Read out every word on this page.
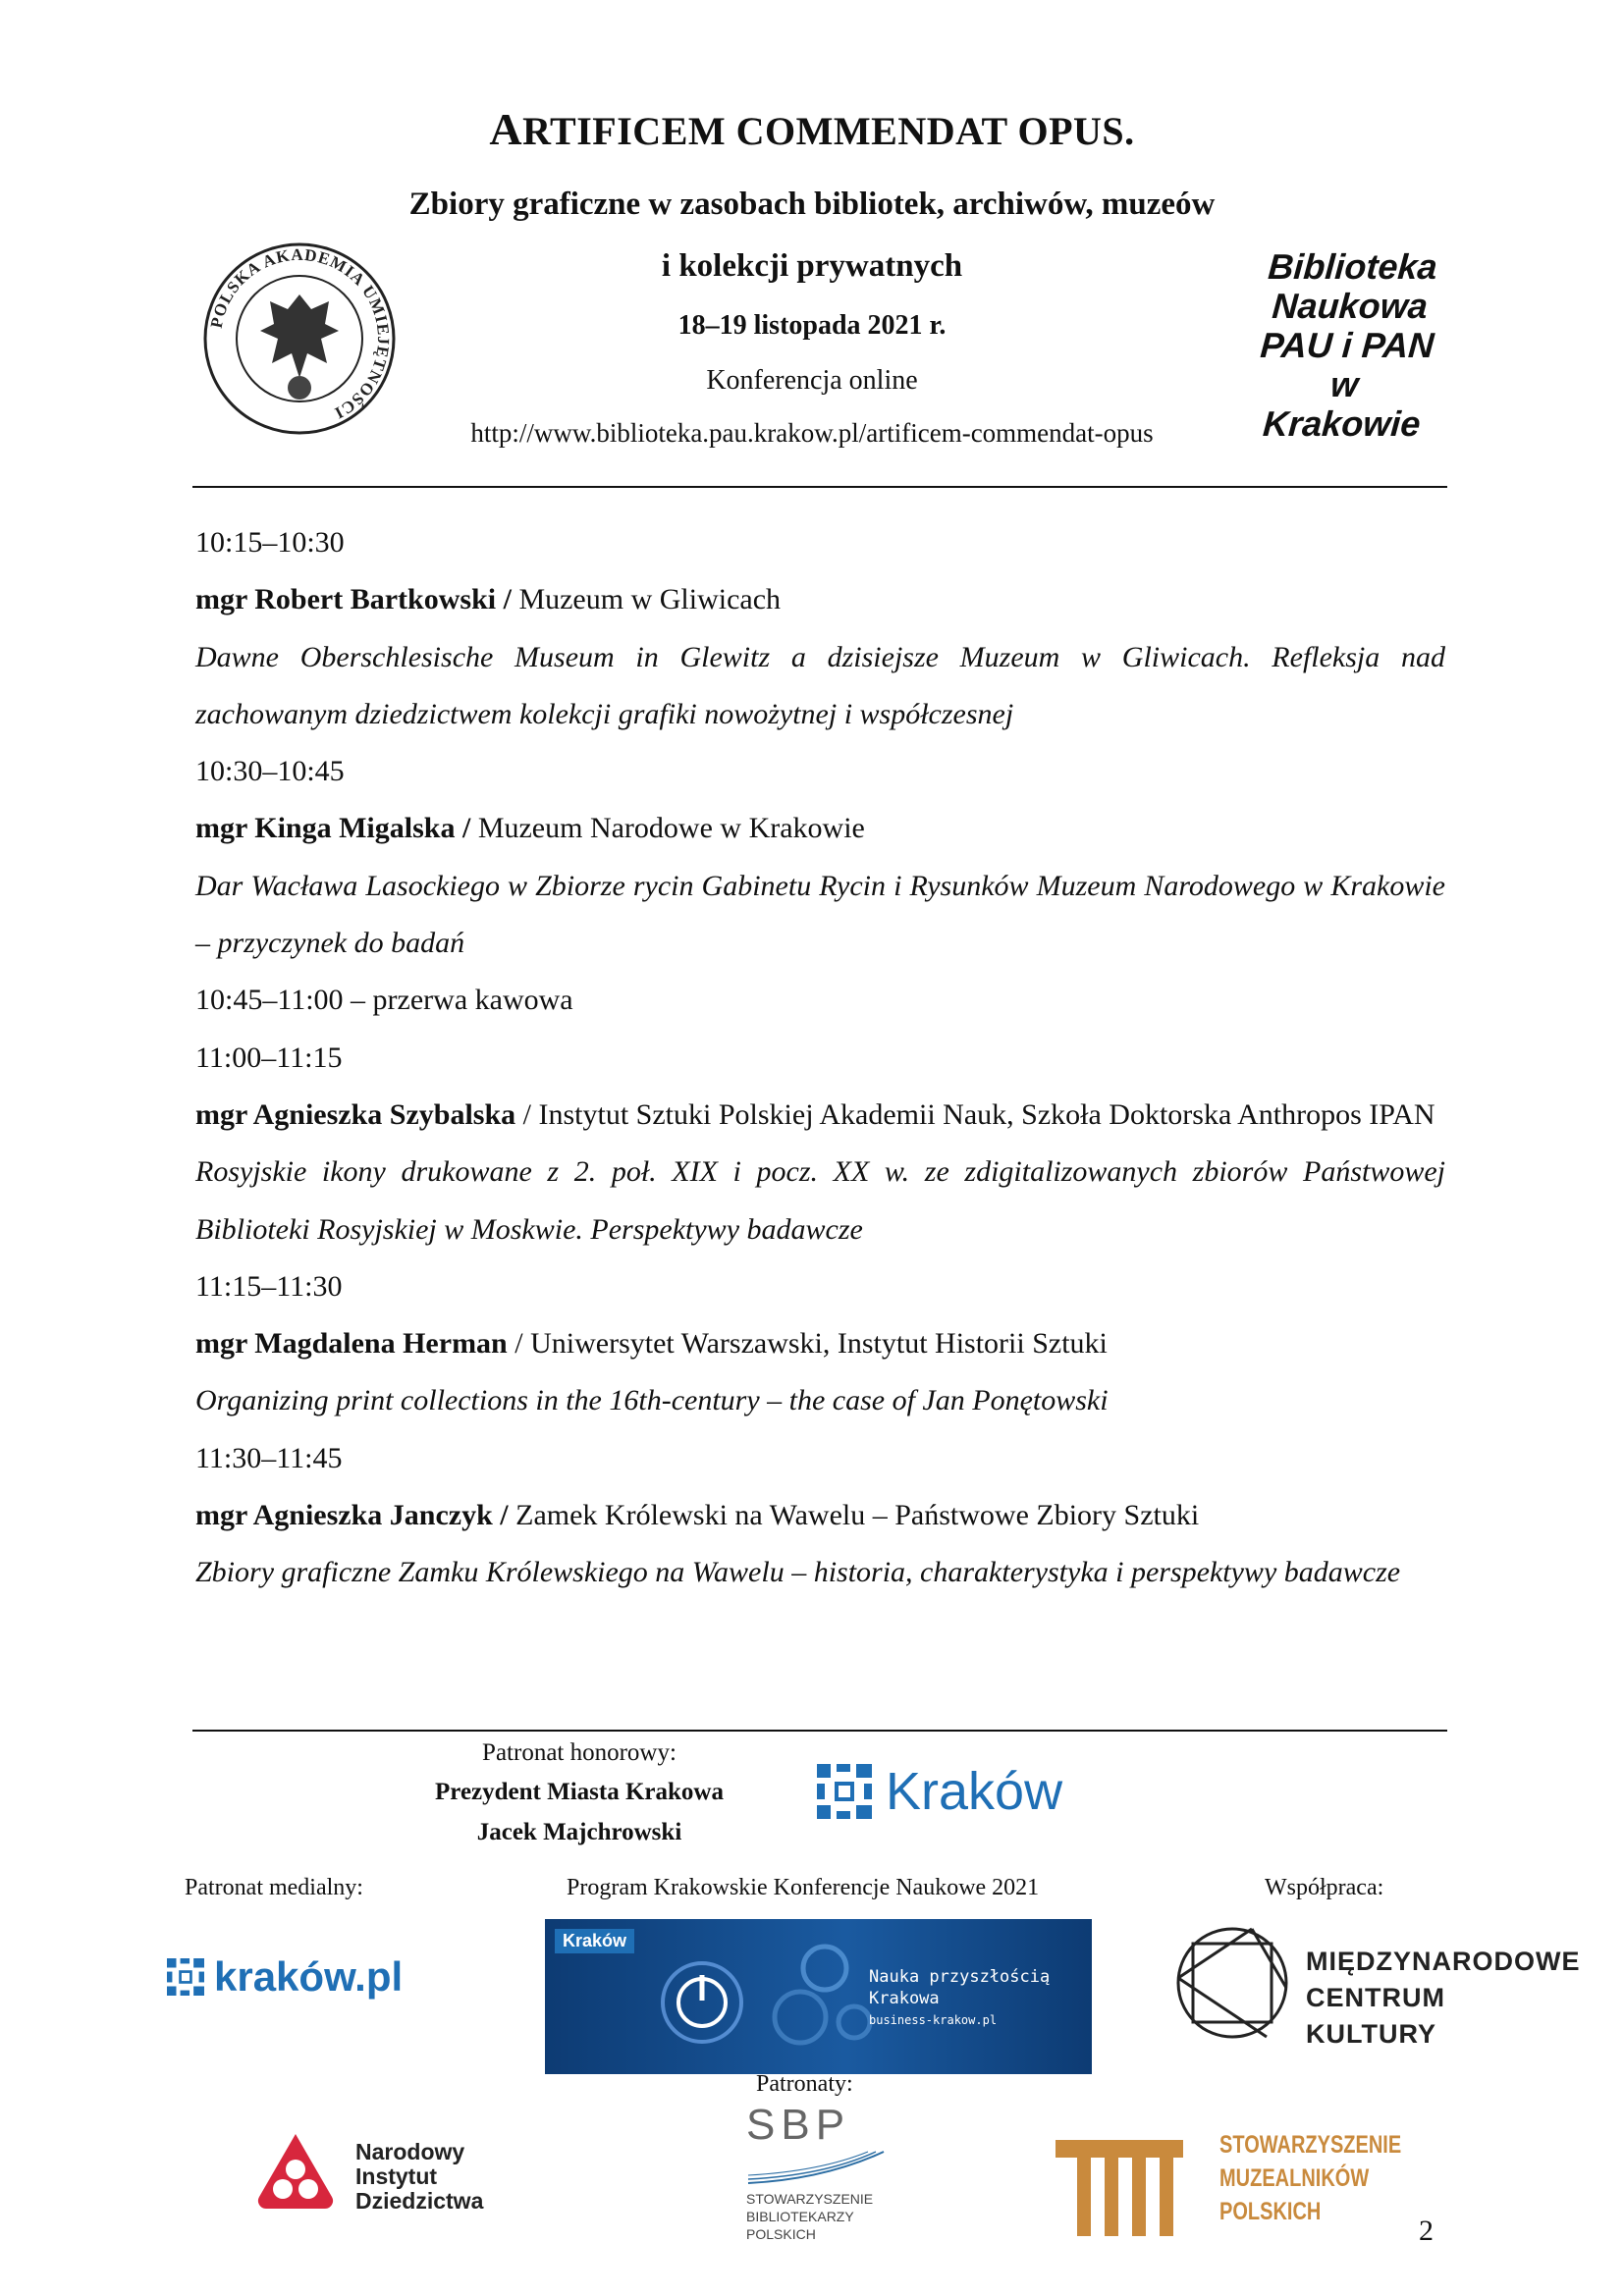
ARTIFICEM COMMENDAT OPUS.
Zbiory graficzne w zasobach bibliotek, archiwów, muzeów
i kolekcji prywatnych
18–19 listopada 2021 r.
Konferencja online
http://www.biblioteka.pau.krakow.pl/artificem-commendat-opus
POLSKA AKADEMIA UMIEJĘTNOŚCI
Biblioteka
Naukowa
PAU i PAN
w Krakowie
10:15–10:30
mgr Robert Bartkowski / Muzeum w Gliwicach
Dawne Oberschlesische Museum in Glewitz a dzisiejsze Muzeum w Gliwicach. Refleksja nad zachowanym dziedzictwem kolekcji grafiki nowożytnej i współczesnej
10:30–10:45
mgr Kinga Migalska / Muzeum Narodowe w Krakowie
Dar Wacława Lasockiego w Zbiorze rycin Gabinetu Rycin i Rysunków Muzeum Narodowego w Krakowie – przyczynek do badań
10:45–11:00 – przerwa kawowa
11:00–11:15
mgr Agnieszka Szybalska / Instytut Sztuki Polskiej Akademii Nauk, Szkoła Doktorska Anthropos IPAN
Rosyjskie ikony drukowane z 2. poł. XIX i pocz. XX w. ze zdigitalizowanych zbiorów Państwowej Biblioteki Rosyjskiej w Moskwie. Perspektywy badawcze
11:15–11:30
mgr Magdalena Herman / Uniwersytet Warszawski, Instytut Historii Sztuki
Organizing print collections in the 16th-century – the case of Jan Ponętowski
11:30–11:45
mgr Agnieszka Janczyk / Zamek Królewski na Wawelu – Państwowe Zbiory Sztuki
Zbiory graficzne Zamku Królewskiego na Wawelu – historia, charakterystyka i perspektywy badawcze
Patronat honorowy:
Prezydent Miasta Krakowa
Jacek Majchrowski
Kraków
Patronat medialny:	Program Krakowskie Konferencje Naukowe 2021	Współpraca:
kraków.pl
Kraków
Nauka przyszłością
Krakowa
business-krakow.pl
MIĘDZYNARODOWE
CENTRUM
KULTURY
Patronaty:
Narodowy
Instytut
Dziedzictwa
SBP
STOWARZYSZENIE
BIBLIOTEKARZY
POLSKICH
STOWARZYSZENIE
MUZEALNIKÓW
POLSKICH
2
